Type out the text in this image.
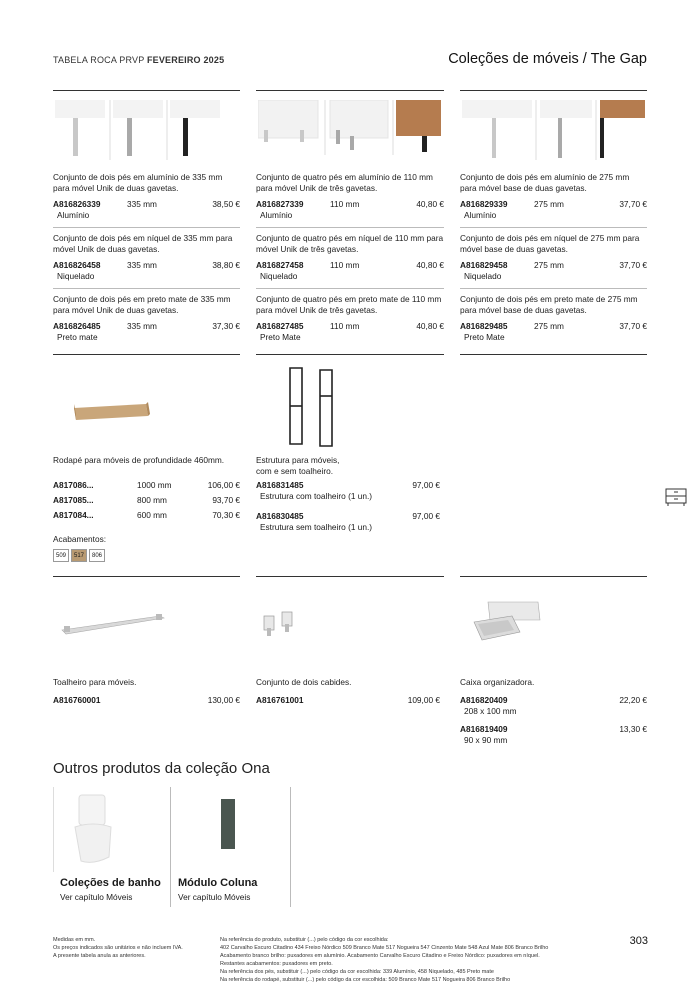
TABELA ROCA PRVP FEVEREIRO 2025	Coleções de móveis / The Gap
Conjunto de dois pés em alumínio de 335 mm para móvel Unik de duas gavetas.
A816826339	335 mm	38,50 €
Alumínio
Conjunto de dois pés em níquel de 335 mm para móvel Unik de duas gavetas.
A816826458	335 mm	38,80 €
Niquelado
Conjunto de dois pés em preto mate de 335 mm para móvel Unik de duas gavetas.
A816826485	335 mm	37,30 €
Preto mate
Conjunto de quatro pés em alumínio de 110 mm para móvel Unik de três gavetas.
A816827339	110 mm	40,80 €
Alumínio
Conjunto de quatro pés em níquel de 110 mm para móvel Unik de três gavetas.
A816827458	110 mm	40,80 €
Niquelado
Conjunto de quatro pés em preto mate de 110 mm para móvel Unik de três gavetas.
A816827485	110 mm	40,80 €
Preto Mate
Conjunto de dois pés em alumínio de 275 mm para móvel base de duas gavetas.
A816829339	275 mm	37,70 €
Alumínio
Conjunto de dois pés em níquel de 275 mm para móvel base de duas gavetas.
A816829458	275 mm	37,70 €
Niquelado
Conjunto de dois pés em preto mate de 275 mm para móvel base de duas gavetas.
A816829485	275 mm	37,70 €
Preto Mate
Rodapé para móveis de profundidade 460mm.
A817086...	1000 mm	106,00 €
A817085...	800 mm	93,70 €
A817084...	600 mm	70,30 €
Acabamentos:
509	517	806
Estrutura para móveis,
com e sem toalheiro.
A816831485	97,00 €
Estrutura com toalheiro (1 un.)
A816830485	97,00 €
Estrutura sem toalheiro (1 un.)
Toalheiro para móveis.
A816760001	130,00 €
Conjunto de dois cabides.
A816761001	109,00 €
Caixa organizadora.
A816820409	22,20 €
208 x 100 mm
A816819409	13,30 €
90 x 90 mm
Outros produtos da coleção Ona
Coleções de banho
Ver capítulo Móveis
Módulo Coluna
Ver capítulo Móveis
Medidas em mm.
Os preços indicados são unitários e não incluem IVA.
A presente tabela anula as anteriores.
Na referência do produto, substituir (...) pelo código da cor escolhida:
402 Carvalho Escuro Citadino 434 Freixo Nórdico 509 Branco Mate 517 Nogueira 547 Cinzento Mate 548 Azul Mate 806 Branco Brilho
Acabamento branco brilho: puxadores em alumínio. Acabamento Carvalho Escuro Citadino e Freixo Nórdico: puxadores em níquel.
Restantes acabamentos: puxadores em preto.
Na referência dos pés, substituir (...) pelo código da cor escolhida: 339 Alumínio, 458 Niquelado, 485 Preto mate
Na referência do rodapé, substituir (...) pelo código da cor escolhida: 509 Branco Mate 517 Nogueira 806 Branco Brilho
303
